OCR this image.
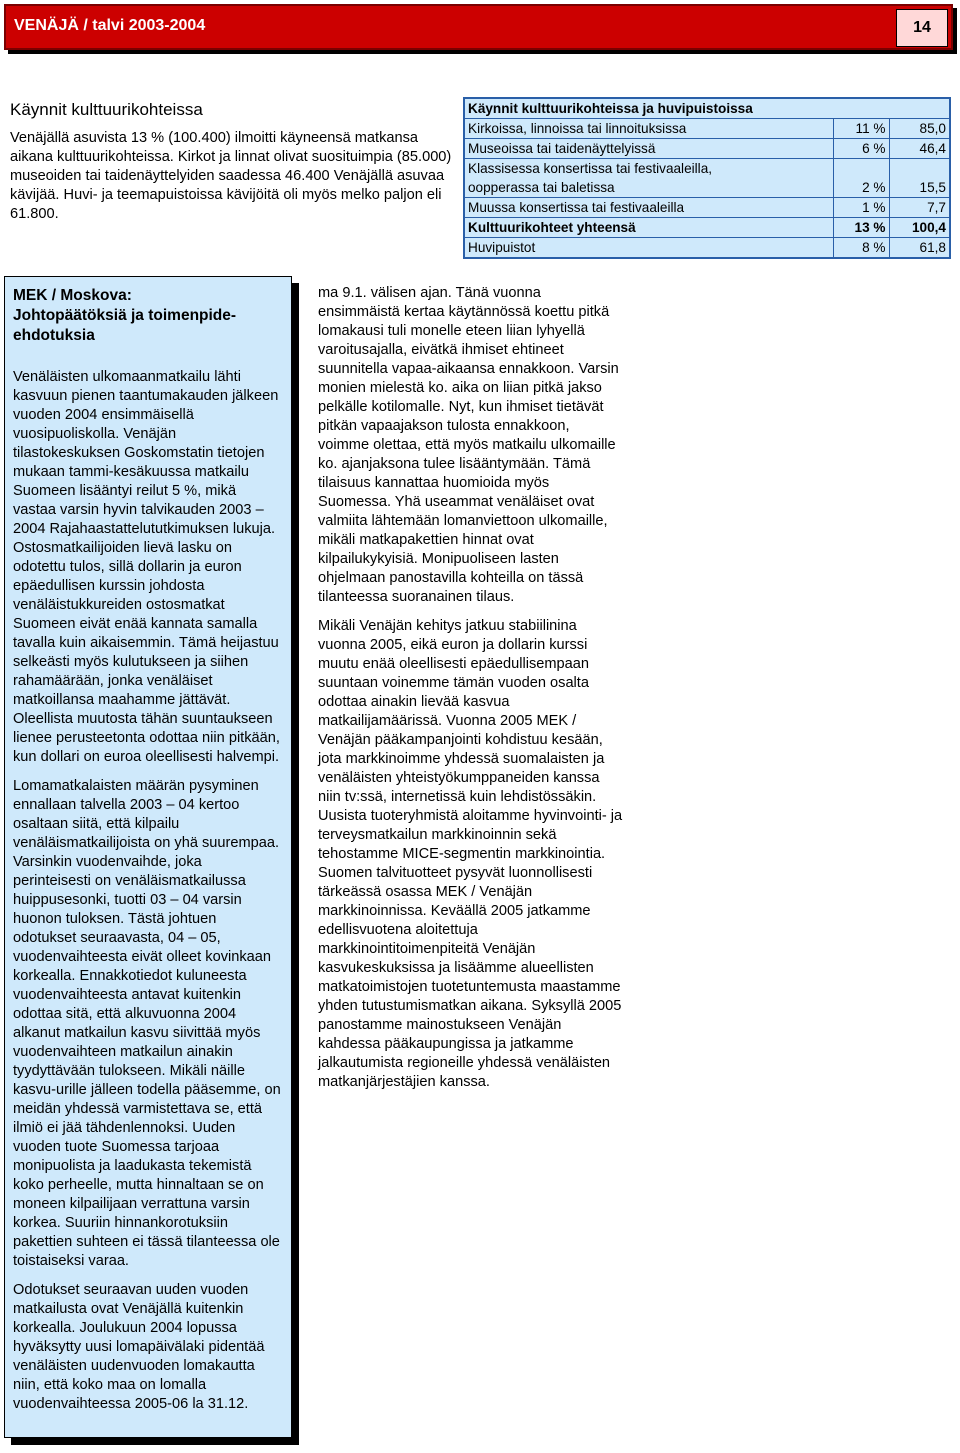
VENÄJÄ / talvi 2003-2004	14
Käynnit kulttuurikohteissa

Venäjällä asuvista 13 % (100.400) ilmoitti käyneensä matkansa aikana kulttuurikohteissa. Kirkot ja linnat olivat suosituimpia (85.000) museoiden tai taidenäyttelyiden saadessa 46.400 Venäjällä asuvaa kävijää. Huvi- ja teemapuistoissa kävijöitä oli myös melko paljon eli 61.800.

Käynnit kulttuurikohteissa ja huvipuistoissa		
Kirkoissa, linnoissa tai linnoituksissa	11 %	85,0
Museoissa tai taidenäyttelyissä	6 %	46,4
Klassisessa konsertissa tai festivaaleilla,		
oopperassa tai baletissa	2 %	15,5
Muussa konsertissa tai festivaaleilla	1 %	7,7
Kulttuurikohteet yhteensä	13 %	100,4
Huvipuistot	8 %	61,8
MEK / Moskova:
Johtopäätöksiä ja toimenpide-ehdotuksia

Venäläisten ulkomaanmatkailu lähti kasvuun pienen taantumakauden jälkeen vuoden 2004 ensimmäisellä vuosipuoliskolla. Venäjän tilastokeskuksen Goskomstatin tietojen mukaan tammi-kesäkuussa matkailu Suomeen lisääntyi reilut 5 %, mikä vastaa varsin hyvin talvikauden 2003 – 2004 Rajahaastattelututkimuksen lukuja. Ostosmatkailijoiden lievä lasku on odotettu tulos, sillä dollarin ja euron epäedullisen kurssin johdosta venäläistukkureiden ostosmatkat Suomeen eivät enää kannata samalla tavalla kuin aikaisemmin. Tämä heijastuu selkeästi myös kulutukseen ja siihen rahamäärään, jonka venäläiset matkoillansa maahamme jättävät. Oleellista muutosta tähän suuntaukseen lienee perusteetonta odottaa niin pitkään, kun dollari on euroa oleellisesti halvempi.

Lomamatkalaisten määrän pysyminen ennallaan talvella 2003 – 04 kertoo osaltaan siitä, että kilpailu venäläismatkailijoista on yhä suurempaa. Varsinkin vuodenvaihde, joka perinteisesti on venäläismatkailussa huippusesonki, tuotti 03 – 04 varsin huonon tuloksen. Tästä johtuen odotukset seuraavasta, 04 – 05, vuodenvaihteesta eivät olleet kovinkaan korkealla. Ennakkotiedot kuluneesta vuodenvaihteesta antavat kuitenkin odottaa sitä, että alkuvuonna 2004 alkanut matkailun kasvu siivittää myös vuodenvaihteen matkailun ainakin tyydyttävään tulokseen. Mikäli näille kasvu-urille jälleen todella pääsemme, on meidän yhdessä varmistettava se, että ilmiö ei jää tähdenlennoksi. Uuden vuoden tuote Suomessa tarjoaa monipuolista ja laadukasta tekemistä koko perheelle, mutta hinnaltaan se on moneen kilpailijaan verrattuna varsin korkea. Suuriin hinnankorotuksiin pakettien suhteen ei tässä tilanteessa ole toistaiseksi varaa.

Odotukset seuraavan uuden vuoden matkailusta ovat Venäjällä kuitenkin korkealla. Joulukuun 2004 lopussa hyväksytty uusi lomapäivälaki pidentää venäläisten uudenvuoden lomakautta niin, että koko maa on lomalla vuodenvaihteessa 2005-06 la 31.12.

ma 9.1. välisen ajan. Tänä vuonna ensimmäistä kertaa käytännössä koettu pitkä lomakausi tuli monelle eteen liian lyhyellä varoitusajalla, eivätkä ihmiset ehtineet suunnitella vapaa-aikaansa ennakkoon. Varsin monien mielestä ko. aika on liian pitkä jakso pelkälle kotilomalle. Nyt, kun ihmiset tietävät pitkän vapaajakson tulosta ennakkoon, voimme olettaa, että myös matkailu ulkomaille ko. ajanjaksona tulee lisääntymään. Tämä tilaisuus kannattaa huomioida myös Suomessa. Yhä useammat venäläiset ovat valmiita lähtemään lomanviettoon ulkomaille, mikäli matkapakettien hinnat ovat kilpailukykyisiä. Monipuoliseen lasten ohjelmaan panostavilla kohteilla on tässä tilanteessa suoranainen tilaus.

Mikäli Venäjän kehitys jatkuu stabiilinina vuonna 2005, eikä euron ja dollarin kurssi muutu enää oleellisesti epäedullisempaan suuntaan voinemme tämän vuoden osalta odottaa ainakin lievää kasvua matkailijamäärissä. Vuonna 2005 MEK / Venäjän pääkampanjointi kohdistuu kesään, jota markkinoimme yhdessä suomalaisten ja venäläisten yhteistyökumppaneiden kanssa niin tv:ssä, internetissä kuin lehdistössäkin. Uusista tuoteryhmistä aloitamme hyvinvointi- ja terveysmatkailun markkinoinnin sekä tehostamme MICE-segmentin markkinointia. Suomen talvituotteet pysyvät luonnollisesti tärkeässä osassa MEK / Venäjän markkinoinnissa. Keväällä 2005 jatkamme edellisvuotena aloitettuja markkinointitoimenpiteitä Venäjän kasvukeskuksissa ja lisäämme alueellisten matkatoimistojen tuotetuntemusta maastamme yhden tutustumismatkan aikana. Syksyllä 2005 panostamme mainostukseen Venäjän kahdessa pääkaupungissa ja jatkamme jalkautumista regioneille yhdessä venäläisten matkanjärjestäjien kanssa.
